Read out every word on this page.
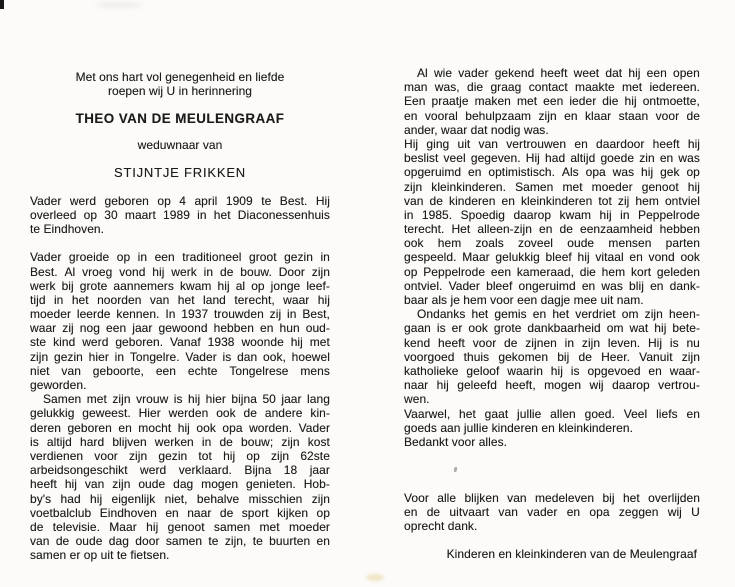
Met ons hart vol genegenheid en liefde
roepen wij U in herinnering
THEO VAN DE MEULENGRAAF
weduwnaar van
STIJNTJE FRIKKEN
Vader werd geboren op 4 april 1909 te Best. Hij
overleed op 30 maart 1989 in het Diaconessenhuis
te Eindhoven.
Vader groeide op in een traditioneel groot gezin in
Best. Al vroeg vond hij werk in de bouw. Door zijn
werk bij grote aannemers kwam hij al op jonge leef-
tijd in het noorden van het land terecht, waar hij
moeder leerde kennen. In 1937 trouwden zij in Best,
waar zij nog een jaar gewoond hebben en hun oud-
ste kind werd geboren. Vanaf 1938 woonde hij met
zijn gezin hier in Tongelre. Vader is dan ook, hoewel
niet van geboorte, een echte Tongelrese mens
geworden.
Samen met zijn vrouw is hij hier bijna 50 jaar lang
gelukkig geweest. Hier werden ook de andere kin-
deren geboren en mocht hij ook opa worden. Vader
is altijd hard blijven werken in de bouw; zijn kost
verdienen voor zijn gezin tot hij op zijn 62ste
arbeidsongeschikt werd verklaard. Bijna 18 jaar
heeft hij van zijn oude dag mogen genieten. Hob-
by's had hij eigenlijk niet, behalve misschien zijn
voetbalclub Eindhoven en naar de sport kijken op
de televisie. Maar hij genoot samen met moeder
van de oude dag door samen te zijn, te buurten en
samen er op uit te fietsen.
Al wie vader gekend heeft weet dat hij een open
man was, die graag contact maakte met iedereen.
Een praatje maken met een ieder die hij ontmoette,
en vooral behulpzaam zijn en klaar staan voor de
ander, waar dat nodig was.
Hij ging uit van vertrouwen en daardoor heeft hij
beslist veel gegeven. Hij had altijd goede zin en was
opgeruimd en optimistisch. Als opa was hij gek op
zijn kleinkinderen. Samen met moeder genoot hij
van de kinderen en kleinkinderen tot zij hem ontviel
in 1985. Spoedig daarop kwam hij in Peppelrode
terecht. Het alleen-zijn en de eenzaamheid hebben
ook hem zoals zoveel oude mensen parten
gespeeld. Maar gelukkig bleef hij vitaal en vond ook
op Peppelrode een kameraad, die hem kort geleden
ontviel. Vader bleef ongeruimd en was blij en dank-
baar als je hem voor een dagje mee uit nam.
Ondanks het gemis en het verdriet om zijn heen-
gaan is er ook grote dankbaarheid om wat hij bete-
kend heeft voor de zijnen in zijn leven. Hij is nu
voorgoed thuis gekomen bij de Heer. Vanuit zijn
katholieke geloof waarin hij is opgevoed en waar-
naar hij geleefd heeft, mogen wij daarop vertrou-
wen.
Vaarwel, het gaat jullie allen goed. Veel liefs en
goeds aan jullie kinderen en kleinkinderen.
Bedankt voor alles.
Voor alle blijken van medeleven bij het overlijden
en de uitvaart van vader en opa zeggen wij U
oprecht dank.
Kinderen en kleinkinderen van de Meulengraaf
